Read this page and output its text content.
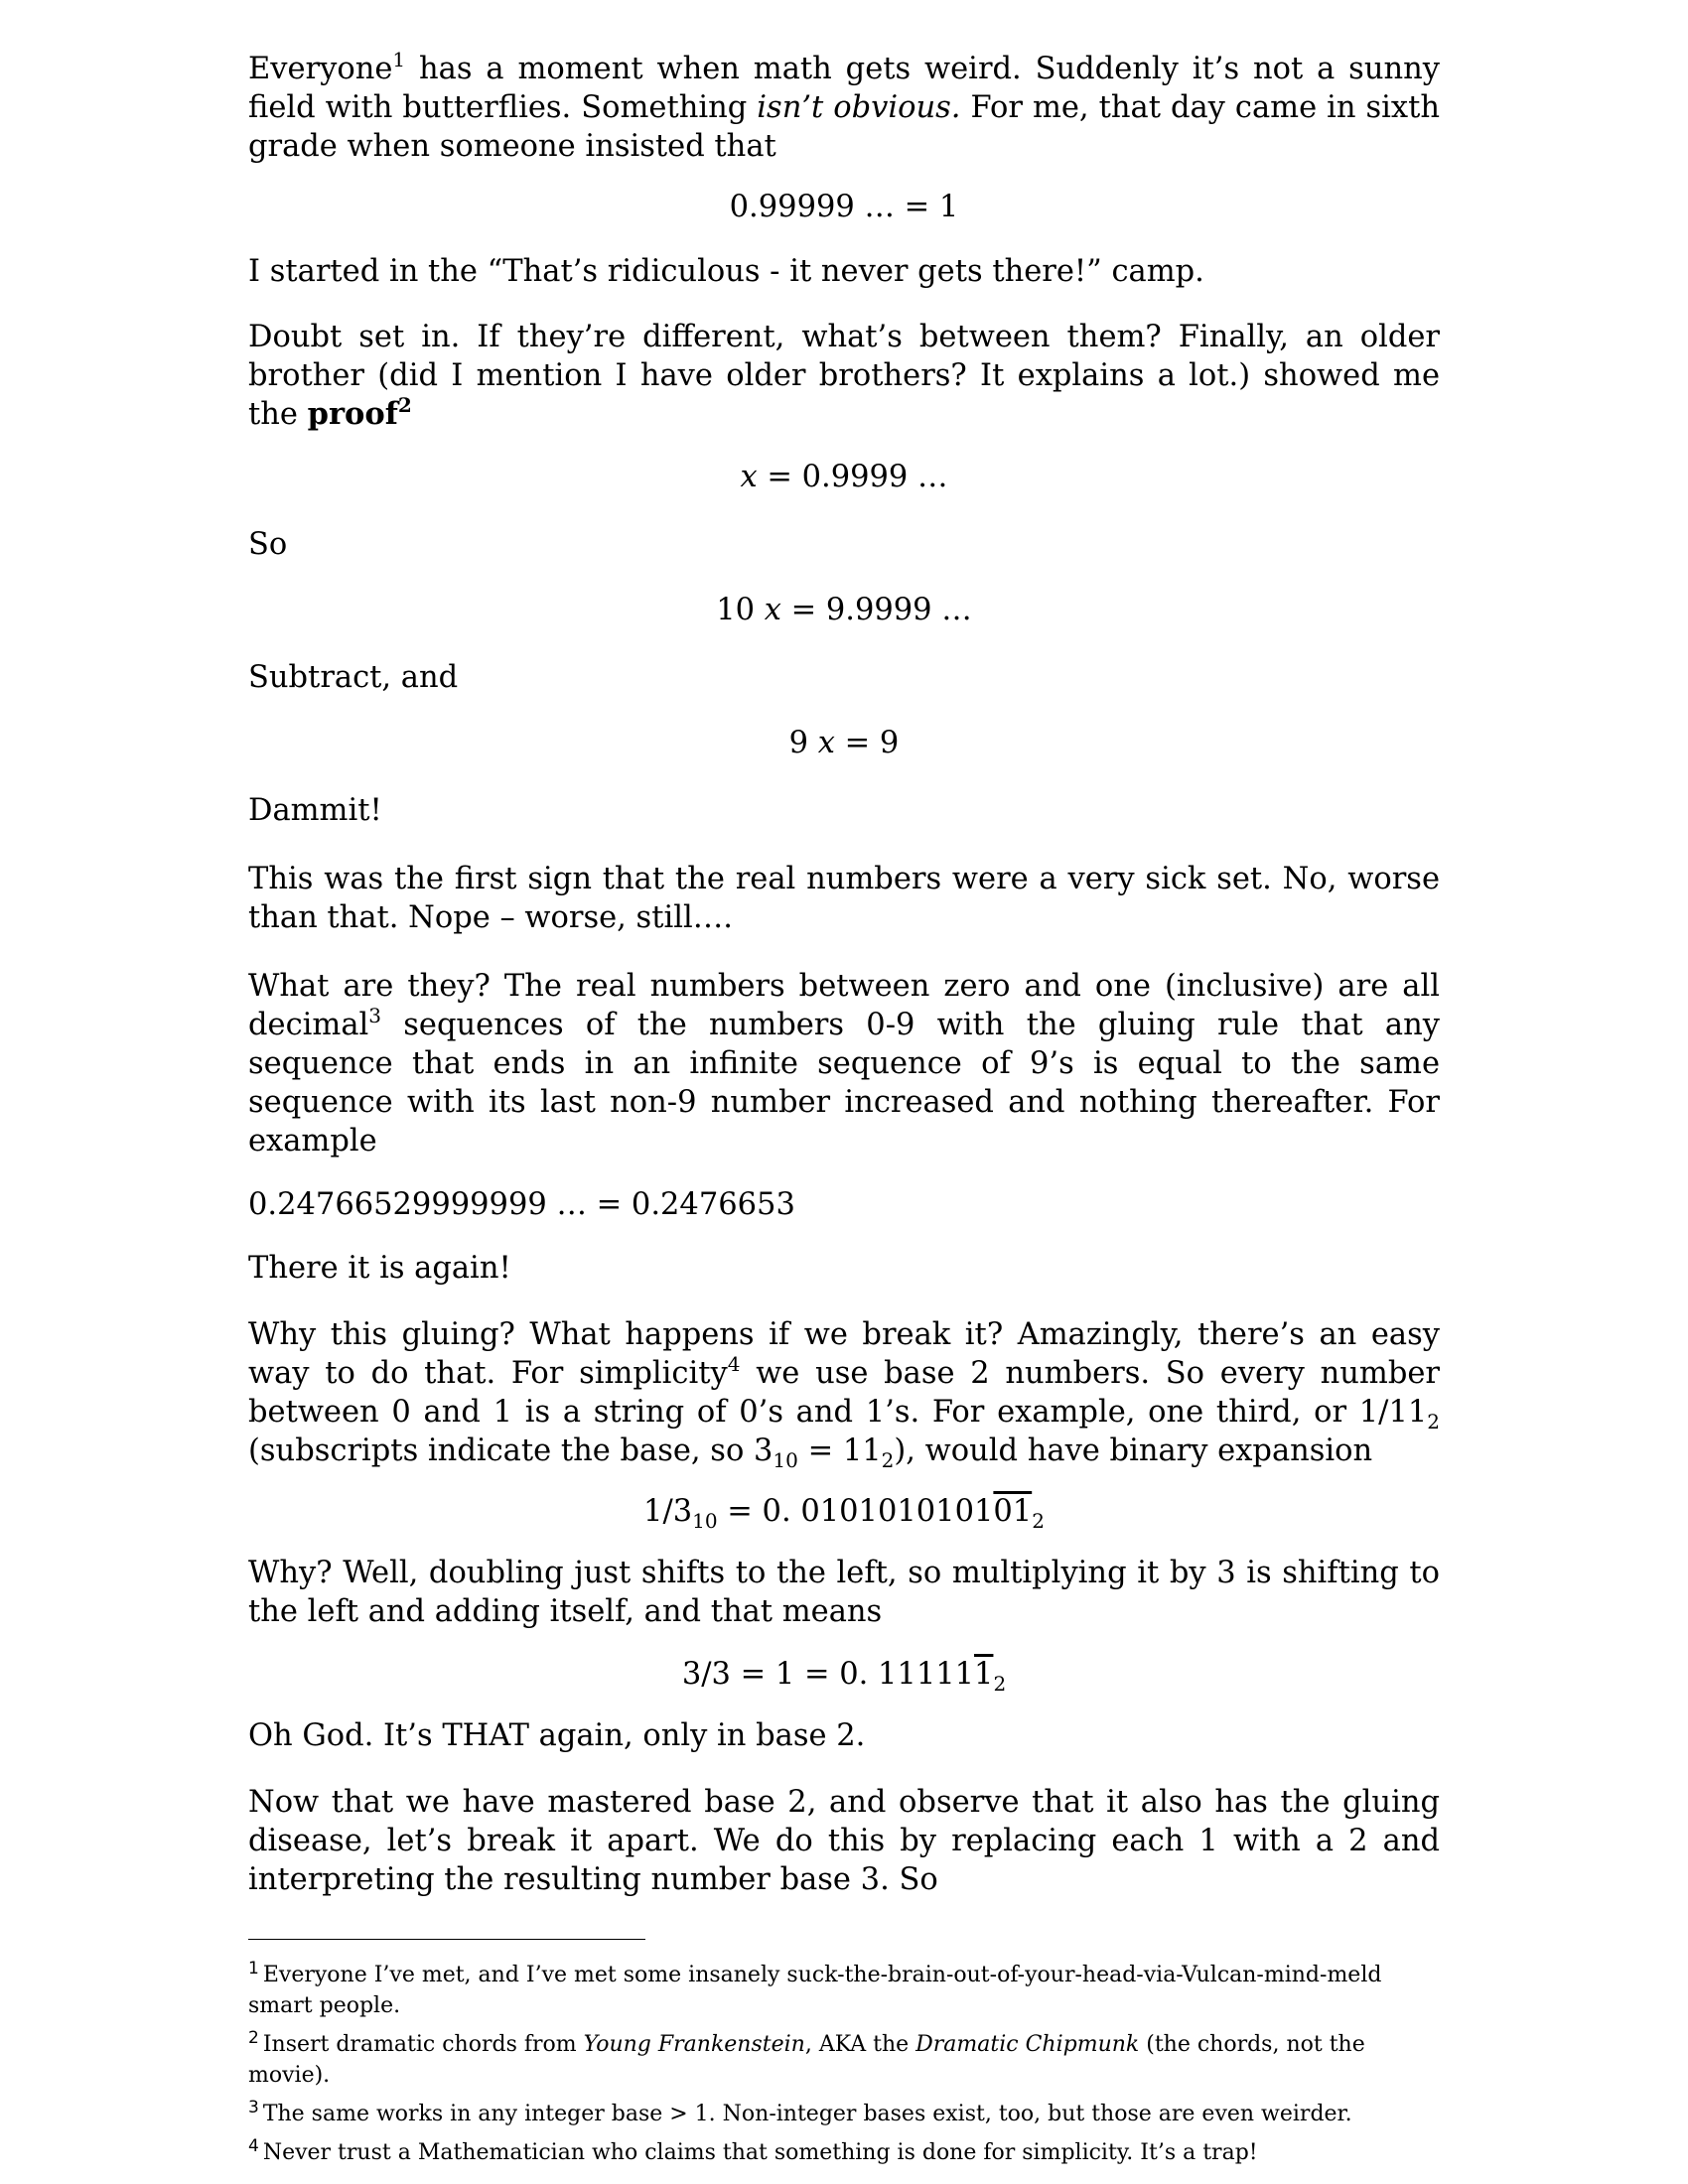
Everyone$^1$ has a moment when math gets weird. Suddenly it’s not a sunny field with butterflies. Something isn’t obvious. For me, that day came in sixth grade when someone insisted that

0.99999 … = 1

I started in the “That’s ridiculous - it never gets there!” camp.

Doubt set in. If they’re different, what’s between them? Finally, an older brother (did I mention I have older brothers? It explains a lot.) showed me the proof$^2$

x = 0.9999 …

So

10 x = 9.9999 …

Subtract, and

9 x = 9

Dammit!

This was the first sign that the real numbers were a very sick set. No, worse than that. Nope – worse, still….

What are they? The real numbers between zero and one (inclusive) are all decimal$^3$ sequences of the numbers 0-9 with the gluing rule that any sequence that ends in an infinite sequence of 9’s is equal to the same sequence with its last non-9 number increased and nothing thereafter. For example

0.24766529999999 … = 0.2476653

There it is again!

Why this gluing? What happens if we break it? Amazingly, there’s an easy way to do that. For simplicity$^4$ we use base 2 numbers. So every number between 0 and 1 is a string of 0’s and 1’s. For example, one third, or $1/11_2$ (subscripts indicate the base, so $3_{10} = 11_2$), would have binary expansion

$1/3_{10} = 0$. $010101010101_2$

Why? Well, doubling just shifts to the left, so multiplying it by 3 is shifting to the left and adding itself, and that means

3/3 = 1 = 0. $111111_2$

Oh God. It’s THAT again, only in base 2.

Now that we have mastered base 2, and observe that it also has the gluing disease, let’s break it apart. We do this by replacing each 1 with a 2 and interpreting the resulting number base 3. So

$^1$ Everyone I’ve met, and I’ve met some insanely suck-the-brain-out-of-your-head-via-Vulcan-mind-meld smart people.

$^2$ Insert dramatic chords from Young Frankenstein, AKA the Dramatic Chipmunk (the chords, not the movie).

$^3$ The same works in any integer base > 1. Non-integer bases exist, too, but those are even weirder.

$^4$ Never trust a Mathematician who claims that something is done for simplicity. It’s a trap!
